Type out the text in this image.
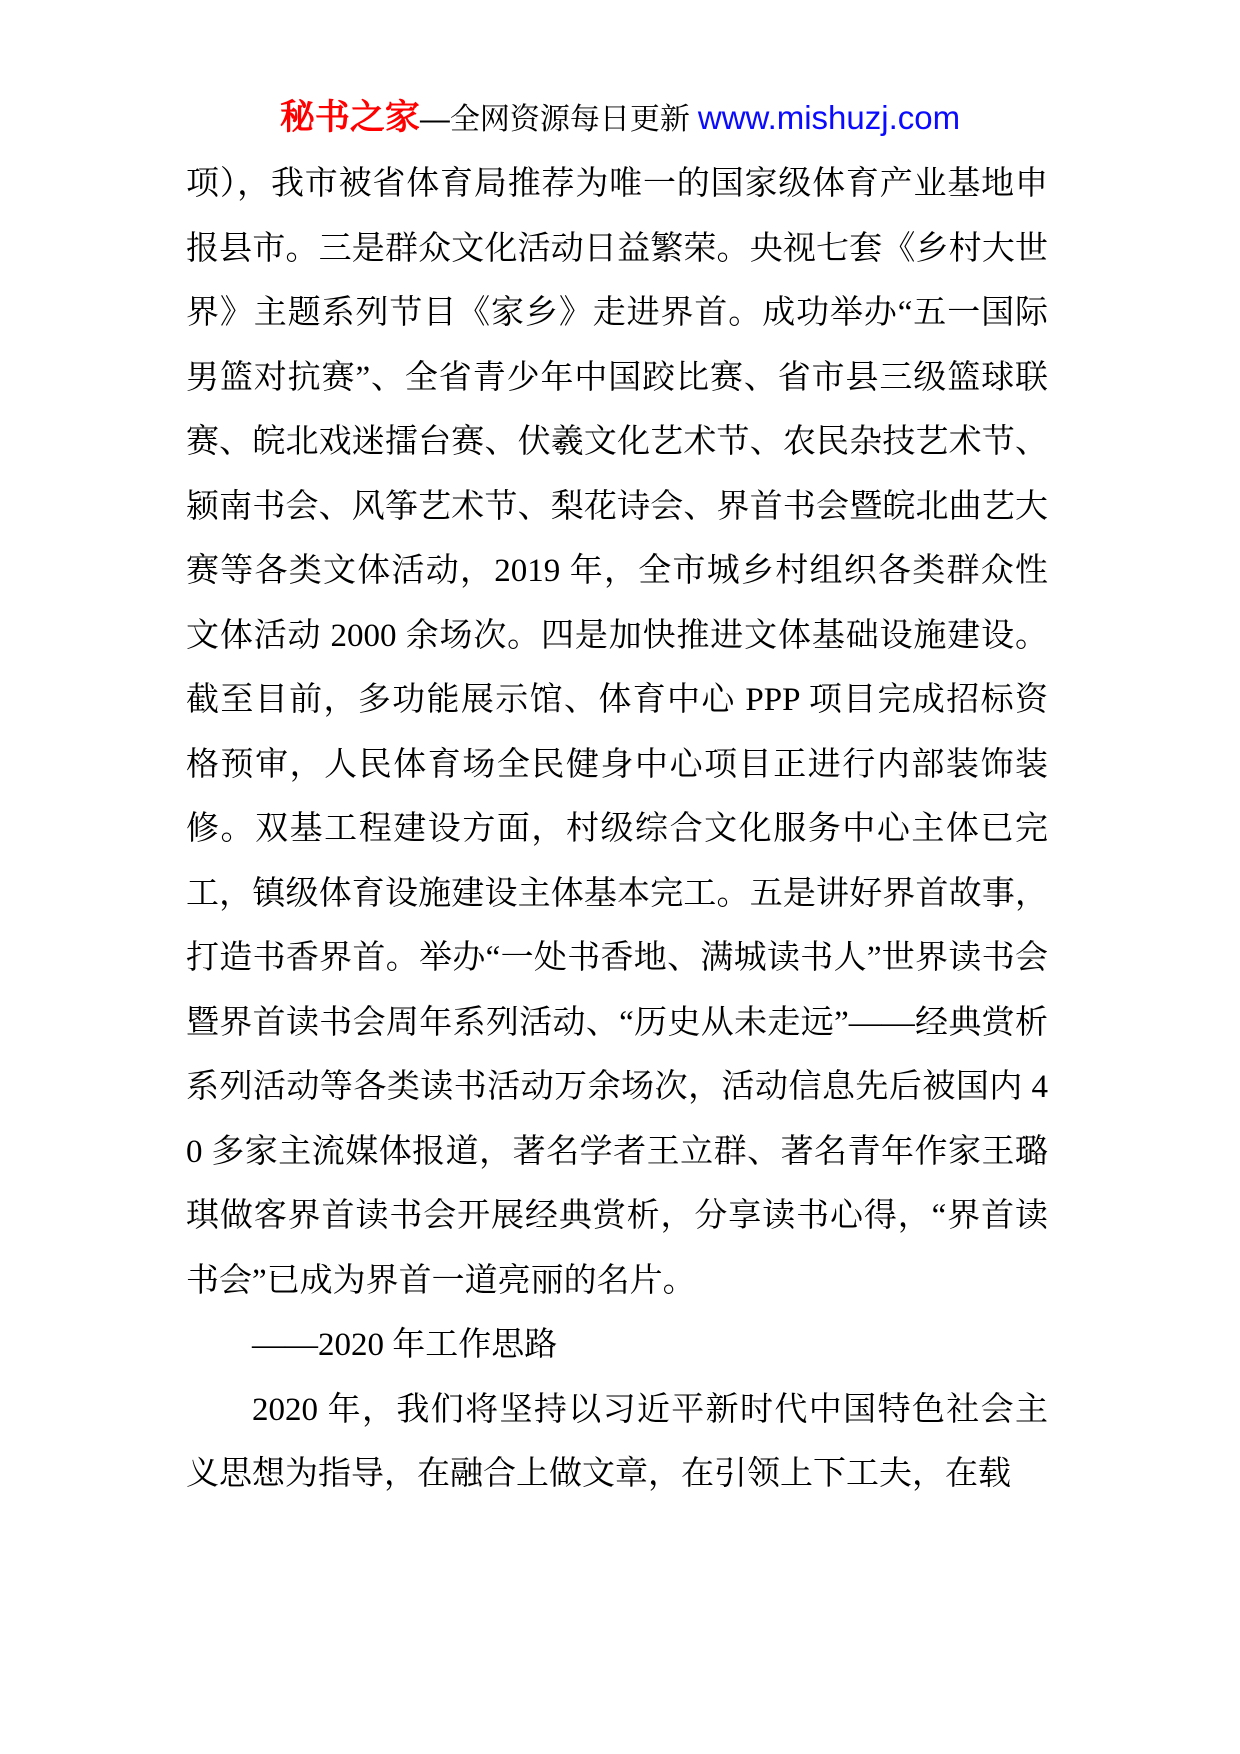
秘书之家—全网资源每日更新 www.mishuzj.com

项），我市被省体育局推荐为唯一的国家级体育产业基地申报县市。三是群众文化活动日益繁荣。央视七套《乡村大世界》主题系列节目《家乡》走进界首。成功举办“五一国际男篮对抗赛”、全省青少年中国跤比赛、省市县三级篮球联赛、皖北戏迷擂台赛、伏羲文化艺术节、农民杂技艺术节、颍南书会、风筝艺术节、梨花诗会、界首书会暨皖北曲艺大赛等各类文体活动，2019 年，全市城乡村组织各类群众性文体活动 2000 余场次。四是加快推进文体基础设施建设。截至目前，多功能展示馆、体育中心 PPP 项目完成招标资格预审，人民体育场全民健身中心项目正进行内部装饰装修。双基工程建设方面，村级综合文化服务中心主体已完工，镇级体育设施建设主体基本完工。五是讲好界首故事，打造书香界首。举办“一处书香地、满城读书人”世界读书会暨界首读书会周年系列活动、“历史从未走远”——经典赏析系列活动等各类读书活动万余场次，活动信息先后被国内 40 多家主流媒体报道，著名学者王立群、著名青年作家王璐琪做客界首读书会开展经典赏析，分享读书心得，“界首读书会”已成为界首一道亮丽的名片。

——2020 年工作思路

2020 年，我们将坚持以习近平新时代中国特色社会主义思想为指导，在融合上做文章，在引领上下工夫，在载
